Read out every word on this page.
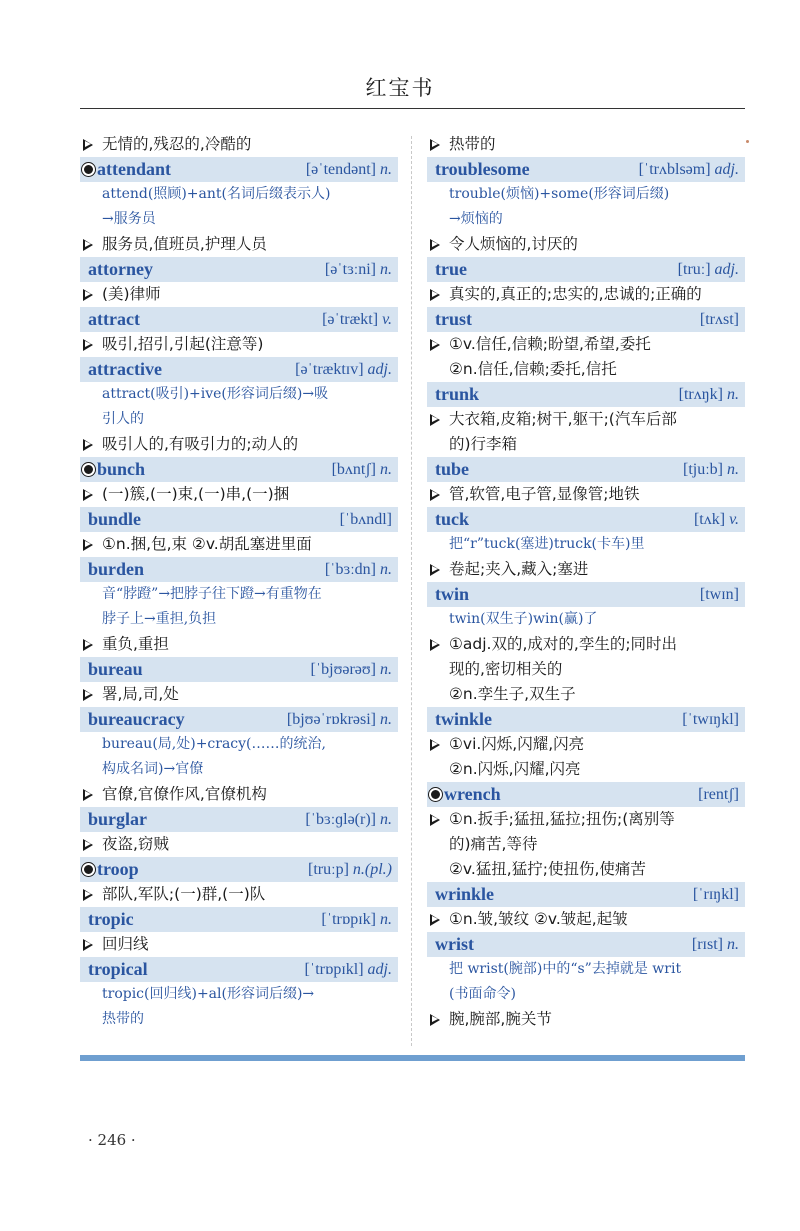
红宝书
无情的,残忍的,冷酷的
attendant	[əˈtendənt] n.
attend(照顾)+ant(名词后缀表示人)
→服务员
服务员,值班员,护理人员
attorney	[əˈtɜːni] n.
(美)律师
attract	[əˈtrækt] v.
吸引,招引,引起(注意等)
attractive	[əˈtræktɪv] adj.
attract(吸引)+ive(形容词后缀)→吸
引人的
吸引人的,有吸引力的;动人的
bunch	[bʌntʃ] n.
(一)簇,(一)束,(一)串,(一)捆
bundle	[ˈbʌndl]
①n.捆,包,束 ②v.胡乱塞进里面
burden	[ˈbɜːdn] n.
音“脖蹬”→把脖子往下蹬→有重物在
脖子上→重担,负担
重负,重担
bureau	[ˈbjʊərəʊ] n.
署,局,司,处
bureaucracy	[bjʊəˈrɒkrəsi] n.
bureau(局,处)+cracy(……的统治,
构成名词)→官僚
官僚,官僚作风,官僚机构
burglar	[ˈbɜːɡlə(r)] n.
夜盗,窃贼
troop	[truːp] n.(pl.)
部队,军队;(一)群,(一)队
tropic	[ˈtrɒpɪk] n.
回归线
tropical	[ˈtrɒpɪkl] adj.
tropic(回归线)+al(形容词后缀)→
热带的
热带的
troublesome	[ˈtrʌblsəm] adj.
trouble(烦恼)+some(形容词后缀)
→烦恼的
令人烦恼的,讨厌的
true	[truː] adj.
真实的,真正的;忠实的,忠诚的;正确的
trust	[trʌst]
①v.信任,信赖;盼望,希望,委托
②n.信任,信赖;委托,信托
trunk	[trʌŋk] n.
大衣箱,皮箱;树干,躯干;(汽车后部
的)行李箱
tube	[tjuːb] n.
管,软管,电子管,显像管;地铁
tuck	[tʌk] v.
把“r”tuck(塞进)truck(卡车)里
卷起;夹入,藏入;塞进
twin	[twɪn]
twin(双生子)win(赢)了
①adj.双的,成对的,孪生的;同时出
现的,密切相关的
②n.孪生子,双生子
twinkle	[ˈtwɪŋkl]
①vi.闪烁,闪耀,闪亮
②n.闪烁,闪耀,闪亮
wrench	[rentʃ]
①n.扳手;猛扭,猛拉;扭伤;(离别等
的)痛苦,等待
②v.猛扭,猛拧;使扭伤,使痛苦
wrinkle	[ˈrɪŋkl]
①n.皱,皱纹 ②v.皱起,起皱
wrist	[rɪst] n.
把 wrist(腕部)中的“s”去掉就是 writ
(书面命令)
腕,腕部,腕关节
· 246 ·
